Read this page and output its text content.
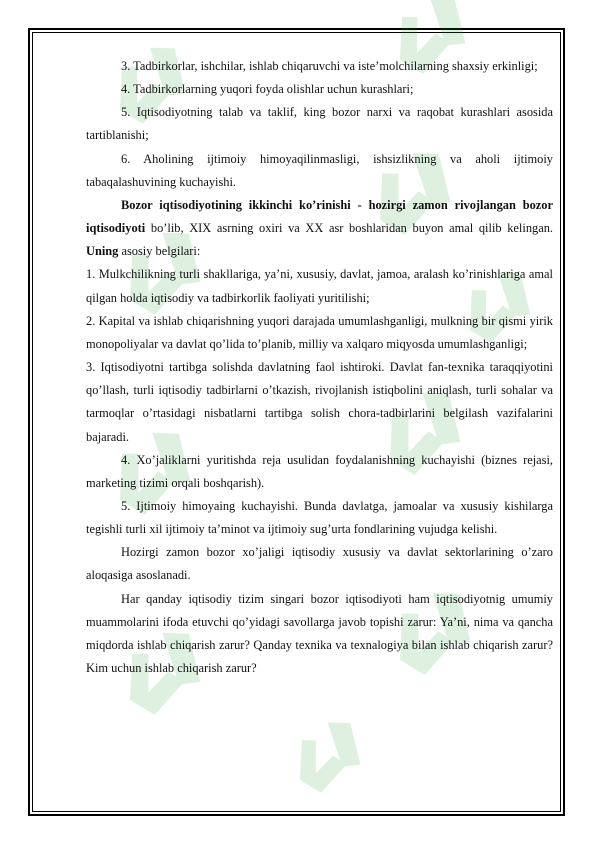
3. Tadbirkorlar, ishchilar, ishlab chiqaruvchi va iste’molchilarning shaxsiy erkinligi;

4. Tadbirkorlarning yuqori foyda olishlar uchun kurashlari;

5. Iqtisodiyotning talab va taklif, king bozor narxi va raqobat kurashlari asosida tartiblanishi;

6. Aholining ijtimoiy himoyaqilinmasligi, ishsizlikning va aholi ijtimoiy tabaqalashuvining kuchayishi.

Bozor iqtisodiyotining ikkinchi ko’rinishi - hozirgi zamon rivojlangan bozor iqtisodiyoti bo’lib, XIX asrning oxiri va XX asr boshlaridan buyon amal qilib kelingan. Uning asosiy belgilari:

1. Mulkchilikning turli shakllariga, ya’ni, xususiy, davlat, jamoa, aralash ko’rinishlariga amal qilgan holda iqtisodiy va tadbirkorlik faoliyati yuritilishi;

2. Kapital va ishlab chiqarishning yuqori darajada umumlashganligi, mulkning bir qismi yirik monopoliyalar va davlat qo’lida to’planib, milliy va xalqaro miqyosda umumlashganligi;

3. Iqtisodiyotni tartibga solishda davlatning faol ishtiroki. Davlat fan-texnika taraqqiyotini qo’llash, turli iqtisodiy tadbirlarni o’tkazish, rivojlanish istiqbolini aniqlash, turli sohalar va tarmoqlar o’rtasidagi nisbatlarni tartibga solish chora-tadbirlarini belgilash vazifalarini bajaradi.

4. Xo’jaliklarni yuritishda reja usulidan foydalanishning kuchayishi (biznes rejasi, marketing tizimi orqali boshqarish).

5. Ijtimoiy himoyaing kuchayishi. Bunda davlatga, jamoalar va xususiy kishilarga tegishli turli xil ijtimoiy ta’minot va ijtimoiy sug’urta fondlarining vujudga kelishi.

Hozirgi zamon bozor xo’jaligi iqtisodiy xususiy va davlat sektorlarining o’zaro aloqasiga asoslanadi.

Har qanday iqtisodiy tizim singari bozor iqtisodiyoti ham iqtisodiyotnig umumiy muammolarini ifoda etuvchi qo’yidagi savollarga javob topishi zarur: Ya’ni, nima va qancha miqdorda ishlab chiqarish zarur? Qanday texnika va texnalogiya bilan ishlab chiqarish zarur? Kim uchun ishlab chiqarish zarur?
